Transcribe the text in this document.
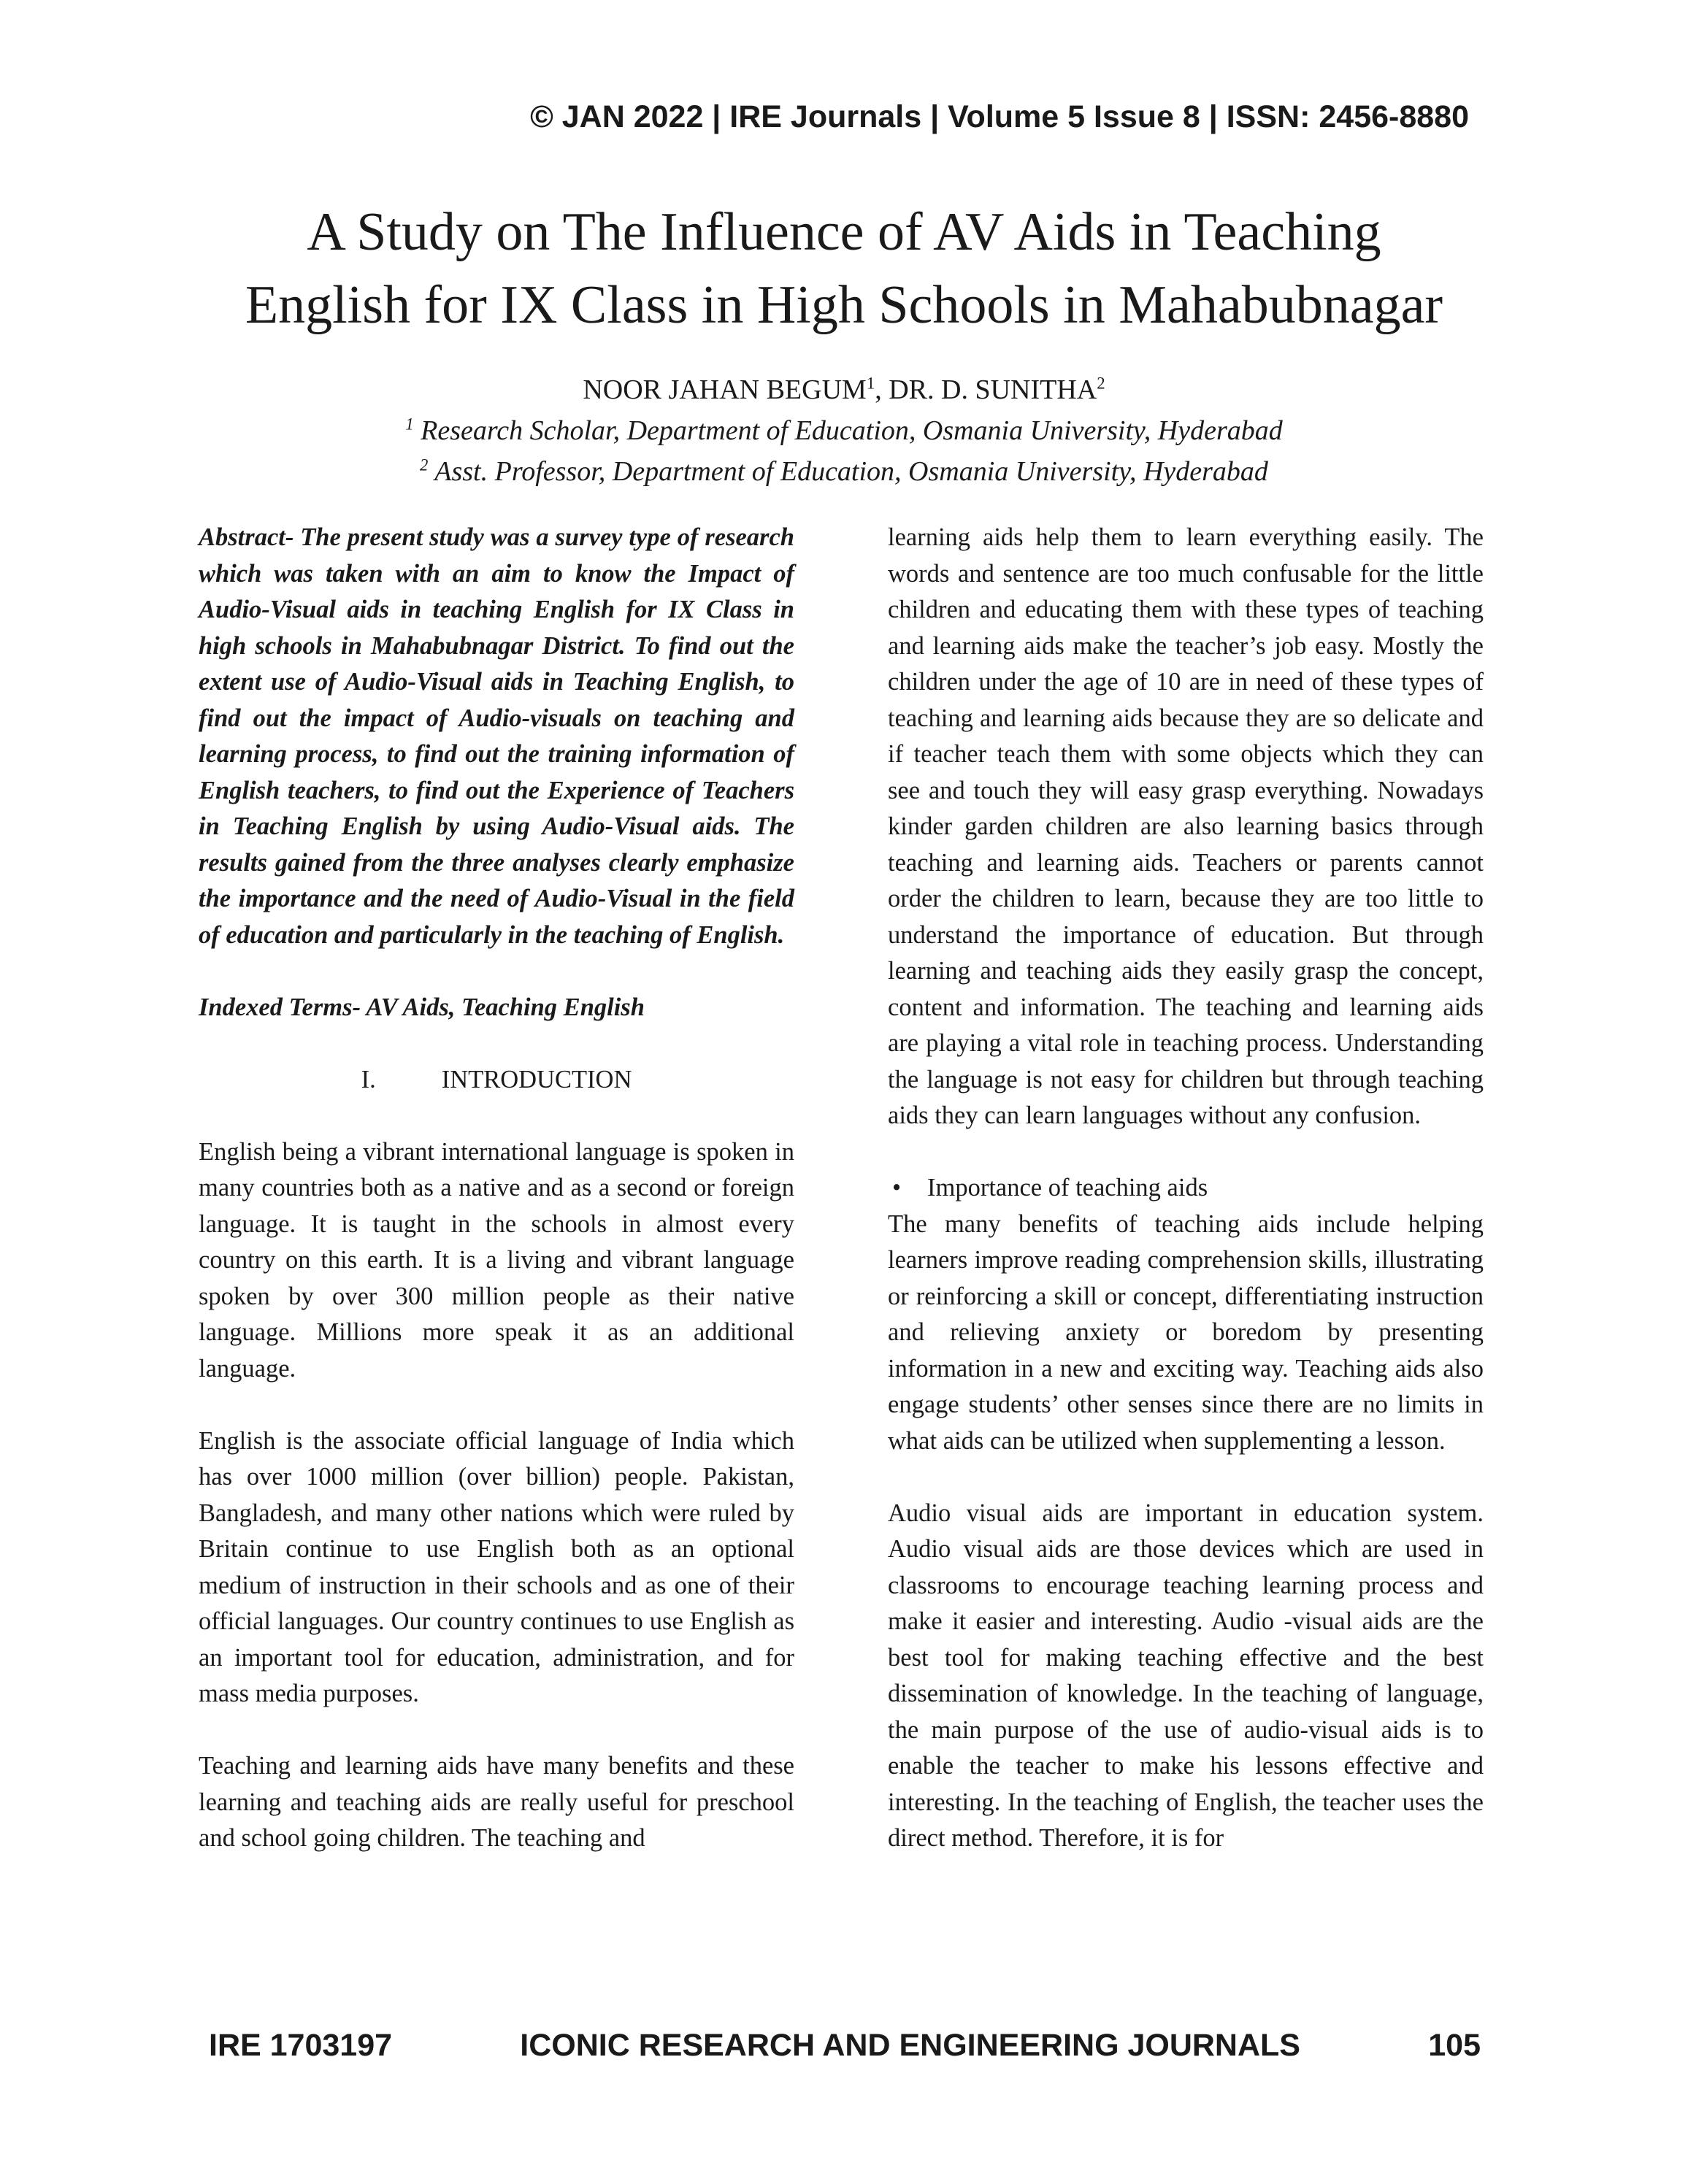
© JAN 2022 | IRE Journals | Volume 5 Issue 8 | ISSN: 2456-8880
A Study on The Influence of AV Aids in Teaching
English for IX Class in High Schools in Mahabubnagar
NOOR JAHAN BEGUM$^1$, DR. D. SUNITHA$^2$
$^1$ Research Scholar, Department of Education, Osmania University, Hyderabad
$^2$ Asst. Professor, Department of Education, Osmania University, Hyderabad

Abstract- The present study was a survey type of research which was taken with an aim to know the Impact of Audio-Visual aids in teaching English for IX Class in high schools in Mahabubnagar District. To find out the extent use of Audio-Visual aids in Teaching English, to find out the impact of Audio-visuals on teaching and learning process, to find out the training information of English teachers, to find out the Experience of Teachers in Teaching English by using Audio-Visual aids. The results gained from the three analyses clearly emphasize the importance and the need of Audio-Visual in the field of education and particularly in the teaching of English.

Indexed Terms- AV Aids, Teaching English

I.	INTRODUCTION

English being a vibrant international language is spoken in many countries both as a native and as a second or foreign language. It is taught in the schools in almost every country on this earth. It is a living and vibrant language spoken by over 300 million people as their native language. Millions more speak it as an additional language.

English is the associate official language of India which has over 1000 million (over billion) people. Pakistan, Bangladesh, and many other nations which were ruled by Britain continue to use English both as an optional medium of instruction in their schools and as one of their official languages. Our country continues to use English as an important tool for education, administration, and for mass media purposes.

Teaching and learning aids have many benefits and these learning and teaching aids are really useful for preschool and school going children. The teaching and

learning aids help them to learn everything easily. The words and sentence are too much confusable for the little children and educating them with these types of teaching and learning aids make the teacher’s job easy. Mostly the children under the age of 10 are in need of these types of teaching and learning aids because they are so delicate and if teacher teach them with some objects which they can see and touch they will easy grasp everything. Nowadays kinder garden children are also learning basics through teaching and learning aids. Teachers or parents cannot order the children to learn, because they are too little to understand the importance of education. But through learning and teaching aids they easily grasp the concept, content and information. The teaching and learning aids are playing a vital role in teaching process. Understanding the language is not easy for children but through teaching aids they can learn languages without any confusion.

• Importance of teaching aids

The many benefits of teaching aids include helping learners improve reading comprehension skills, illustrating or reinforcing a skill or concept, differentiating instruction and relieving anxiety or boredom by presenting information in a new and exciting way. Teaching aids also engage students’ other senses since there are no limits in what aids can be utilized when supplementing a lesson.

Audio visual aids are important in education system. Audio visual aids are those devices which are used in classrooms to encourage teaching learning process and make it easier and interesting. Audio -visual aids are the best tool for making teaching effective and the best dissemination of knowledge. In the teaching of language, the main purpose of the use of audio-visual aids is to enable the teacher to make his lessons effective and interesting. In the teaching of English, the teacher uses the direct method. Therefore, it is for

IRE 1703197	ICONIC RESEARCH AND ENGINEERING JOURNALS	105
